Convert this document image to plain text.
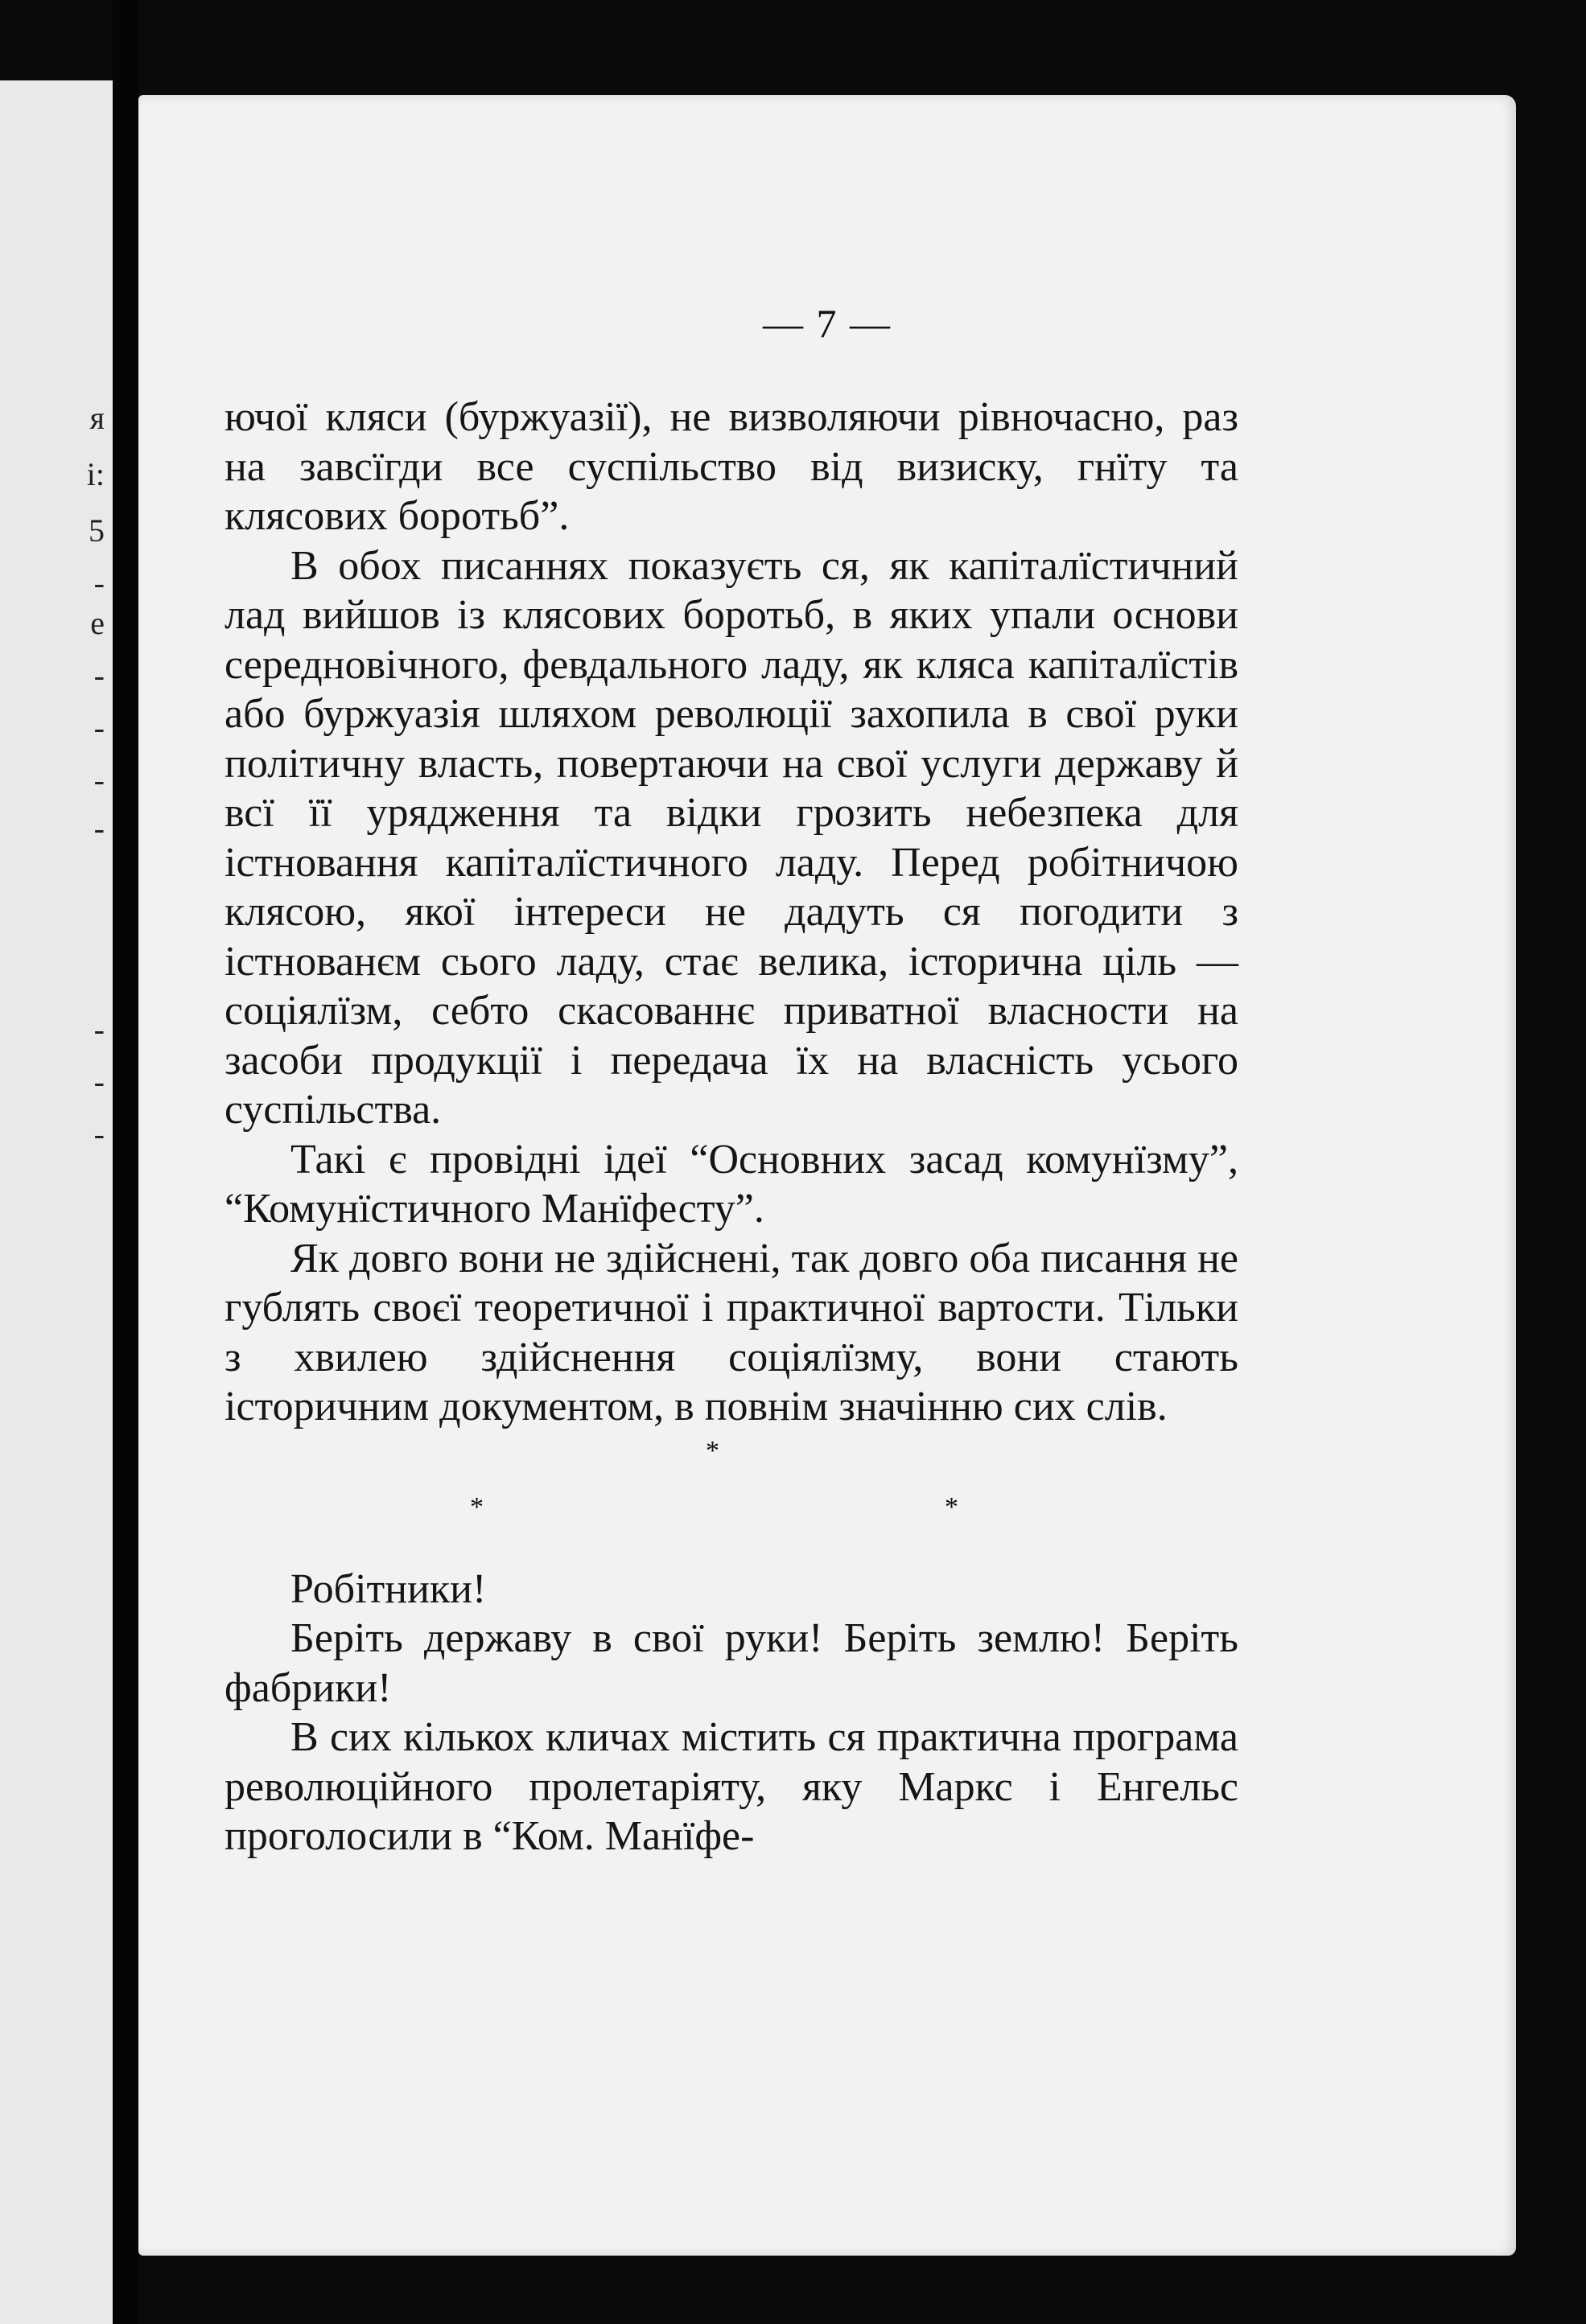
я
і:
5
-
е
-
-
-
-
-
-
-
— 7 —

ючої кляси (буржуазії), не визволяючи рівночасно, раз на завсїгди все суспільство від визиску, гнїту та клясових боротьб”.

В обох писаннях показуєть ся, як капіталїстичний лад вийшов із клясових боротьб, в яких упали основи середновічного, февдального ладу, як кляса капіталїстів або буржуазія шляхом революції захопила в свої руки політичну власть, повертаючи на свої услуги державу й всї її урядження та відки грозить небезпека для істновання капіталїстичного ладу. Перед робітничою клясою, якої інтереси не дадуть ся погодити з істнованєм сього ладу, стає велика, історична ціль — соціялїзм, себто скасованнє приватної власности на засоби продукції і передача їх на власність усього суспільства.

Такі є провідні ідеї “Основних засад комунїзму”, “Комунїстичного Манїфесту”.

Як довго вони не здійснені, так довго оба писання не гублять своєї теоретичної і практичної вартости. Тільки з хвилею здійснення соціялїзму, вони стають історичним документом, в повнім значінню сих слів.

*
*	*

Робітники!

Беріть державу в свої руки! Беріть землю! Беріть фабрики!

В сих кількох кличах містить ся практична програма революційного пролетаріяту, яку Маркс і Енгельс проголосили в “Ком. Манїфе-
